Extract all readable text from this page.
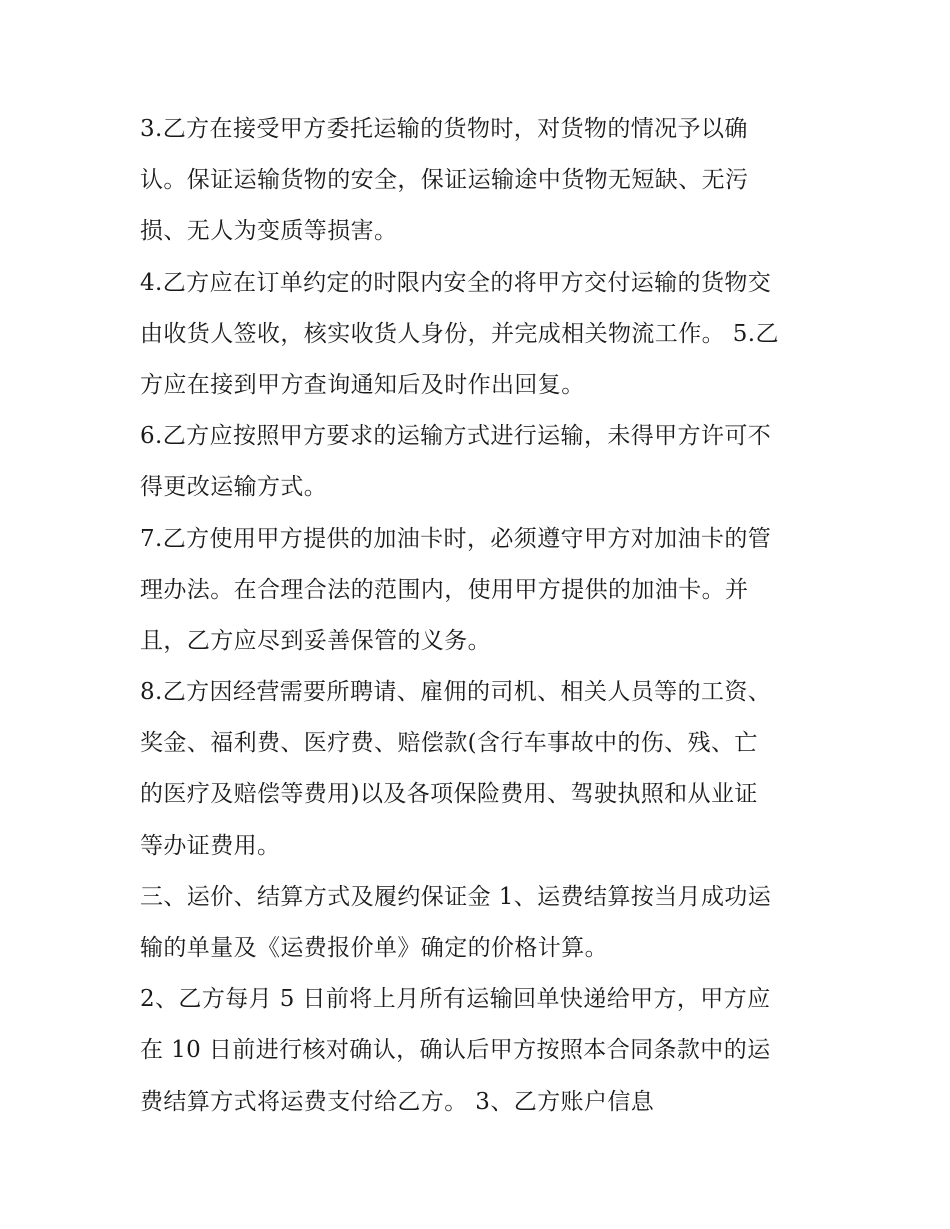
3.乙方在接受甲方委托运输的货物时，对货物的情况予以确
认。保证运输货物的安全，保证运输途中货物无短缺、无污
损、无人为变质等损害。
4.乙方应在订单约定的时限内安全的将甲方交付运输的货物交
由收货人签收，核实收货人身份，并完成相关物流工作。 5.乙
方应在接到甲方查询通知后及时作出回复。
6.乙方应按照甲方要求的运输方式进行运输，未得甲方许可不
得更改运输方式。
7.乙方使用甲方提供的加油卡时，必须遵守甲方对加油卡的管
理办法。在合理合法的范围内，使用甲方提供的加油卡。并
且，乙方应尽到妥善保管的义务。
8.乙方因经营需要所聘请、雇佣的司机、相关人员等的工资、
奖金、福利费、医疗费、赔偿款(含行车事故中的伤、残、亡
的医疗及赔偿等费用)以及各项保险费用、驾驶执照和从业证
等办证费用。
三、运价、结算方式及履约保证金 1、运费结算按当月成功运
输的单量及《运费报价单》确定的价格计算。
2、乙方每月 5 日前将上月所有运输回单快递给甲方，甲方应
在 10 日前进行核对确认，确认后甲方按照本合同条款中的运
费结算方式将运费支付给乙方。 3、乙方账户信息
